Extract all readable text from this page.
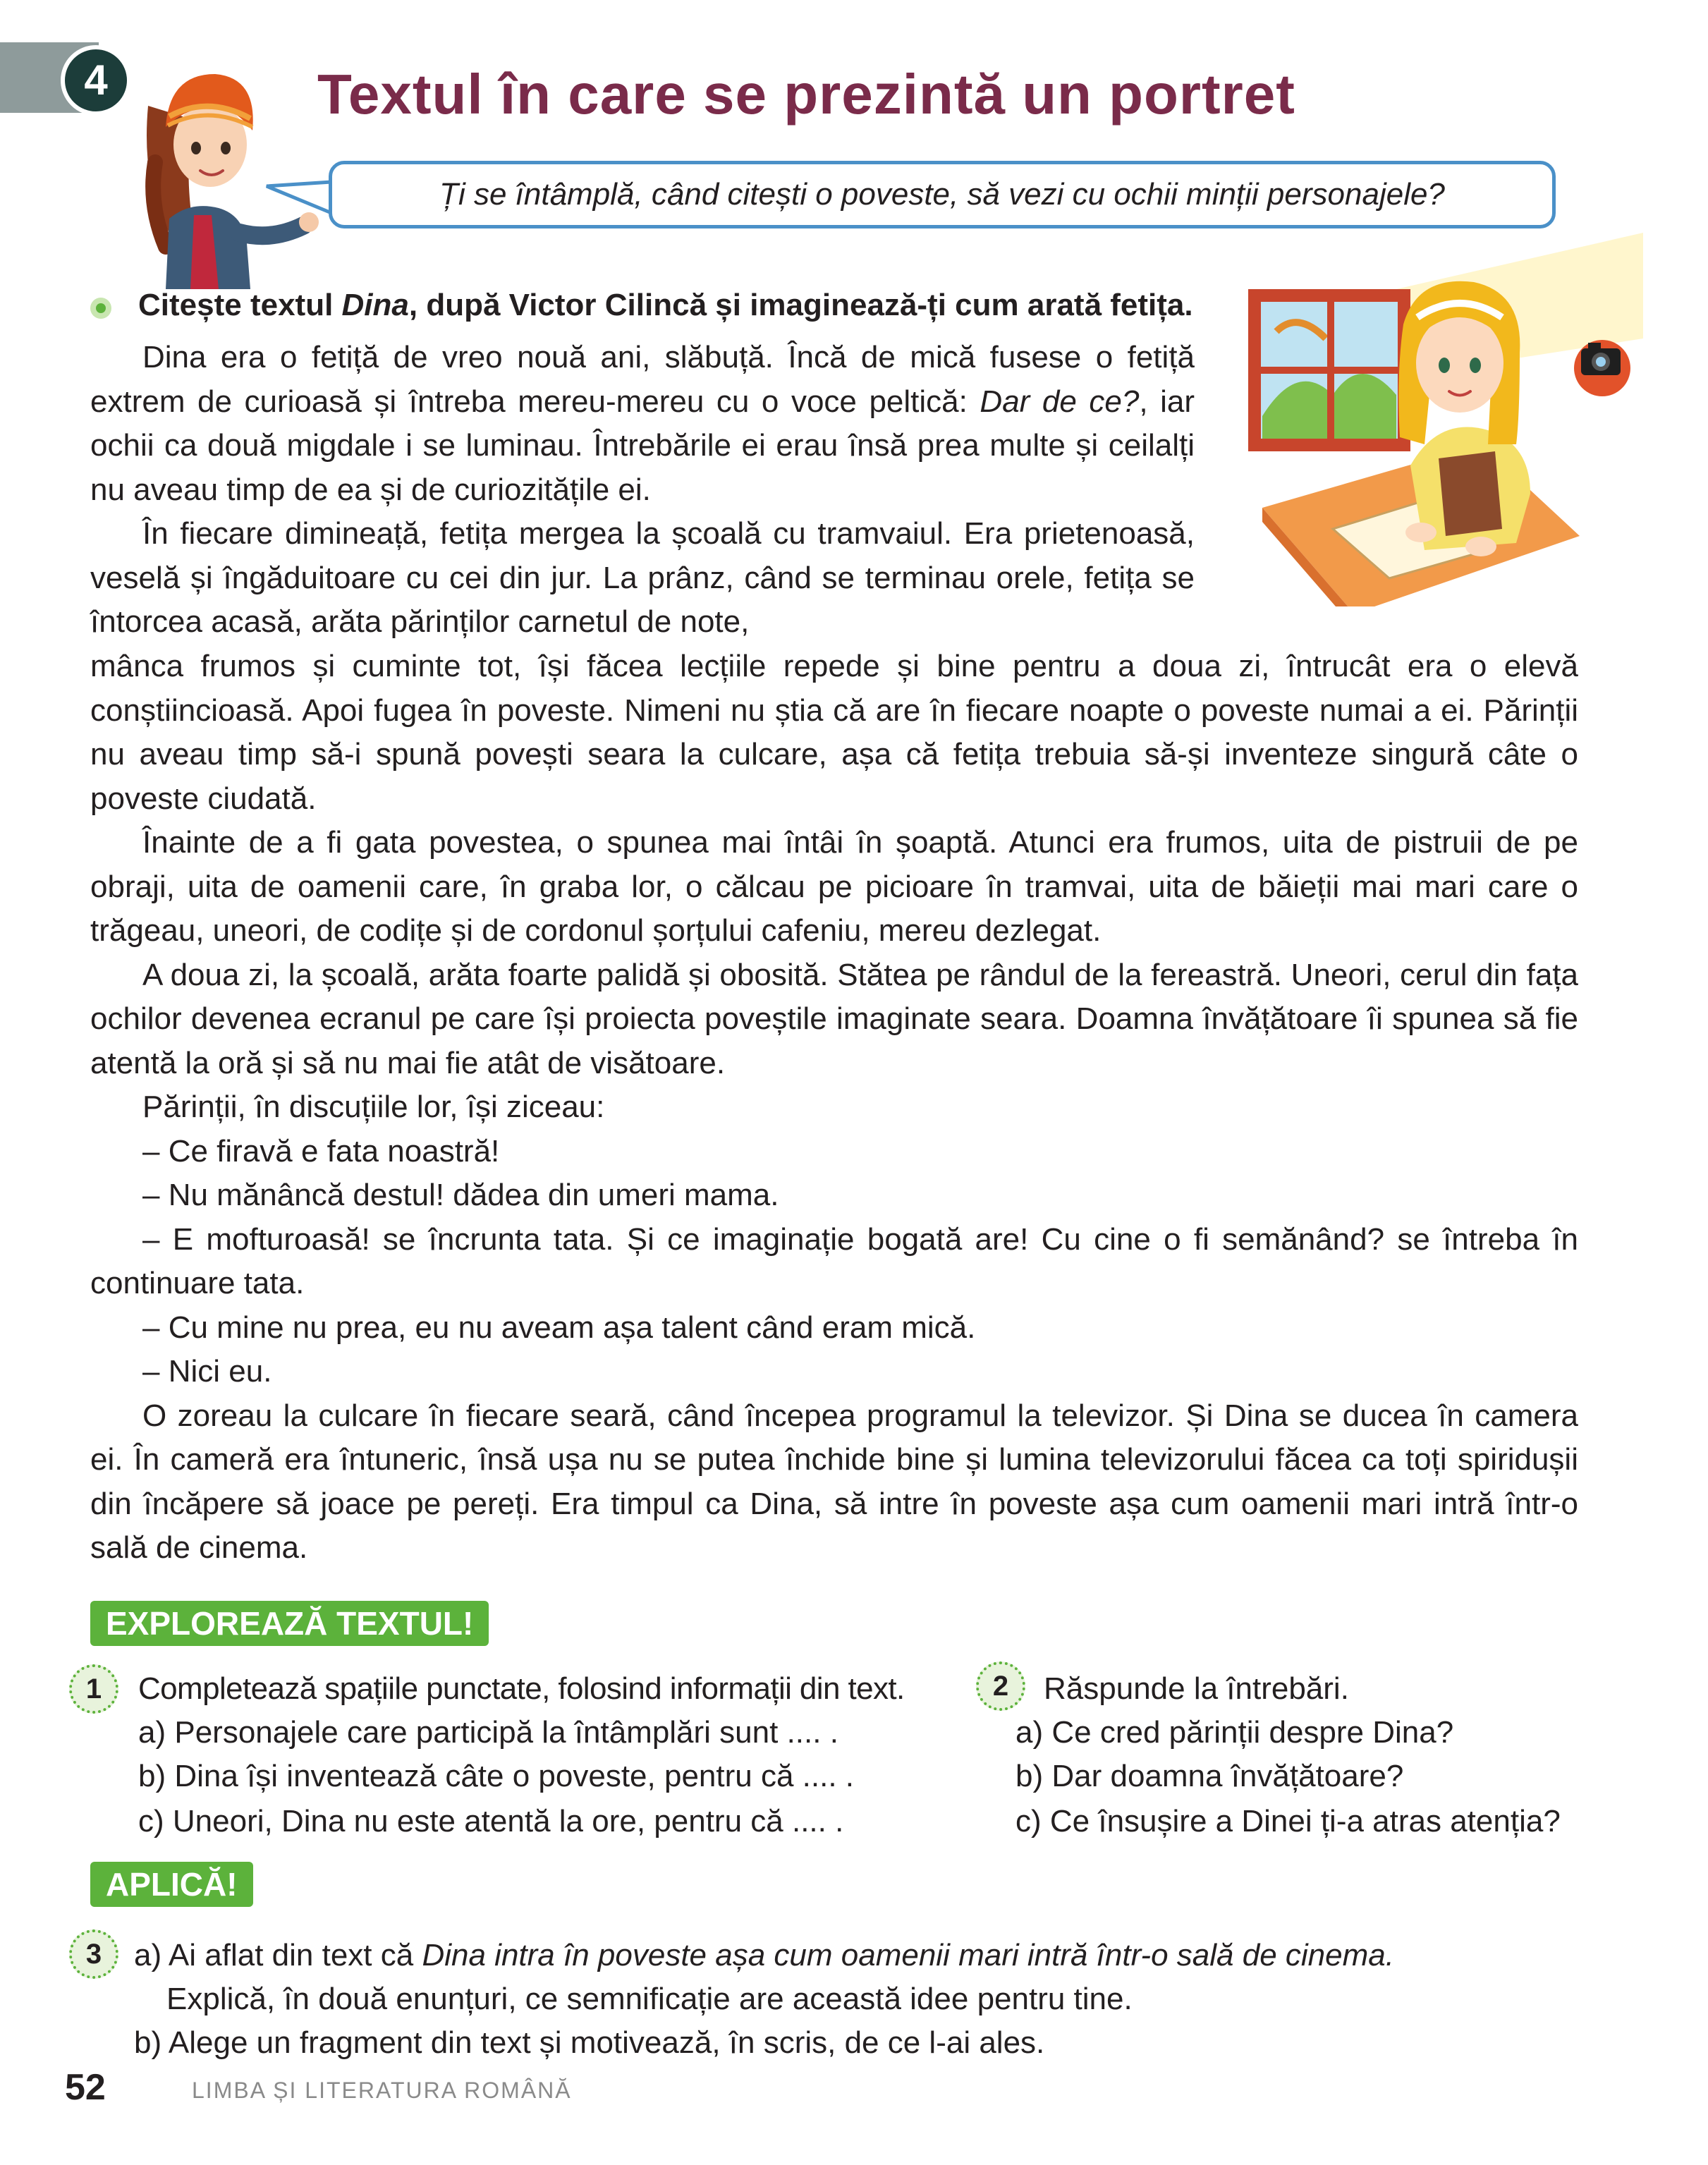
4	Textul în care se prezintă un portret
Ți se întâmplă, când citești o poveste, să vezi cu ochii minții personajele?
Citește textul Dina, după Victor Cilincă și imaginează-ți cum arată fetița.

Dina era o fetiță de vreo nouă ani, slăbuță. Încă de mică fusese o fetiță extrem de curioasă și întreba mereu-mereu cu o voce peltică: Dar de ce?, iar ochii ca două migdale i se luminau. Întrebările ei erau însă prea multe și ceilalți nu aveau timp de ea și de curiozitățile ei.

În fiecare dimineață, fetița mergea la școală cu tramvaiul. Era prietenoasă, veselă și îngăduitoare cu cei din jur. La prânz, când se terminau orele, fetița se întorcea acasă, arăta părinților carnetul de note,

mânca frumos și cuminte tot, își făcea lecțiile repede și bine pentru a doua zi, întrucât era o elevă conștiincioasă. Apoi fugea în poveste. Nimeni nu știa că are în fiecare noapte o poveste numai a ei. Părinții nu aveau timp să-i spună povești seara la culcare, așa că fetița trebuia să-și inventeze singură câte o poveste ciudată.

Înainte de a fi gata povestea, o spunea mai întâi în șoaptă. Atunci era frumos, uita de pistruii de pe obraji, uita de oamenii care, în graba lor, o călcau pe picioare în tramvai, uita de băieții mai mari care o trăgeau, uneori, de codițe și de cordonul șorțului cafeniu, mereu dezlegat.

A doua zi, la școală, arăta foarte palidă și obosită. Stătea pe rândul de la fereastră. Uneori, cerul din fața ochilor devenea ecranul pe care își proiecta poveștile imaginate seara. Doamna învățătoare îi spunea să fie atentă la oră și să nu mai fie atât de visătoare.

Părinții, în discuțiile lor, își ziceau:

– Ce firavă e fata noastră!

– Nu mănâncă destul! dădea din umeri mama.

– E mofturoasă! se încrunta tata. Și ce imaginație bogată are! Cu cine o fi semănând? se întreba în continuare tata.

– Cu mine nu prea, eu nu aveam așa talent când eram mică.

– Nici eu.

O zoreau la culcare în fiecare seară, când începea programul la televizor. Și Dina se ducea în camera ei. În cameră era întuneric, însă ușa nu se putea închide bine și lumina televizorului făcea ca toți spiridușii din încăpere să joace pe pereți. Era timpul ca Dina, să intre în poveste așa cum oamenii mari intră într-o sală de cinema.

EXPLOREAZĂ TEXTUL!
1	Completează spațiile punctate, folosind informații din text.
a) Personajele care participă la întâmplări sunt .... .
b) Dina își inventează câte o poveste, pentru că .... .
c) Uneori, Dina nu este atentă la ore, pentru că .... .
2	Răspunde la întrebări.
a) Ce cred părinții despre Dina?
b) Dar doamna învățătoare?
c) Ce însușire a Dinei ți-a atras atenția?
APLICĂ!
3	a) Ai aflat din text că Dina intra în poveste așa cum oamenii mari intră într-o sală de cinema.
Explică, în două enunțuri, ce semnificație are această idee pentru tine.
b) Alege un fragment din text și motivează, în scris, de ce l-ai ales.
52	LIMBA ȘI LITERATURA ROMÂNĂ
